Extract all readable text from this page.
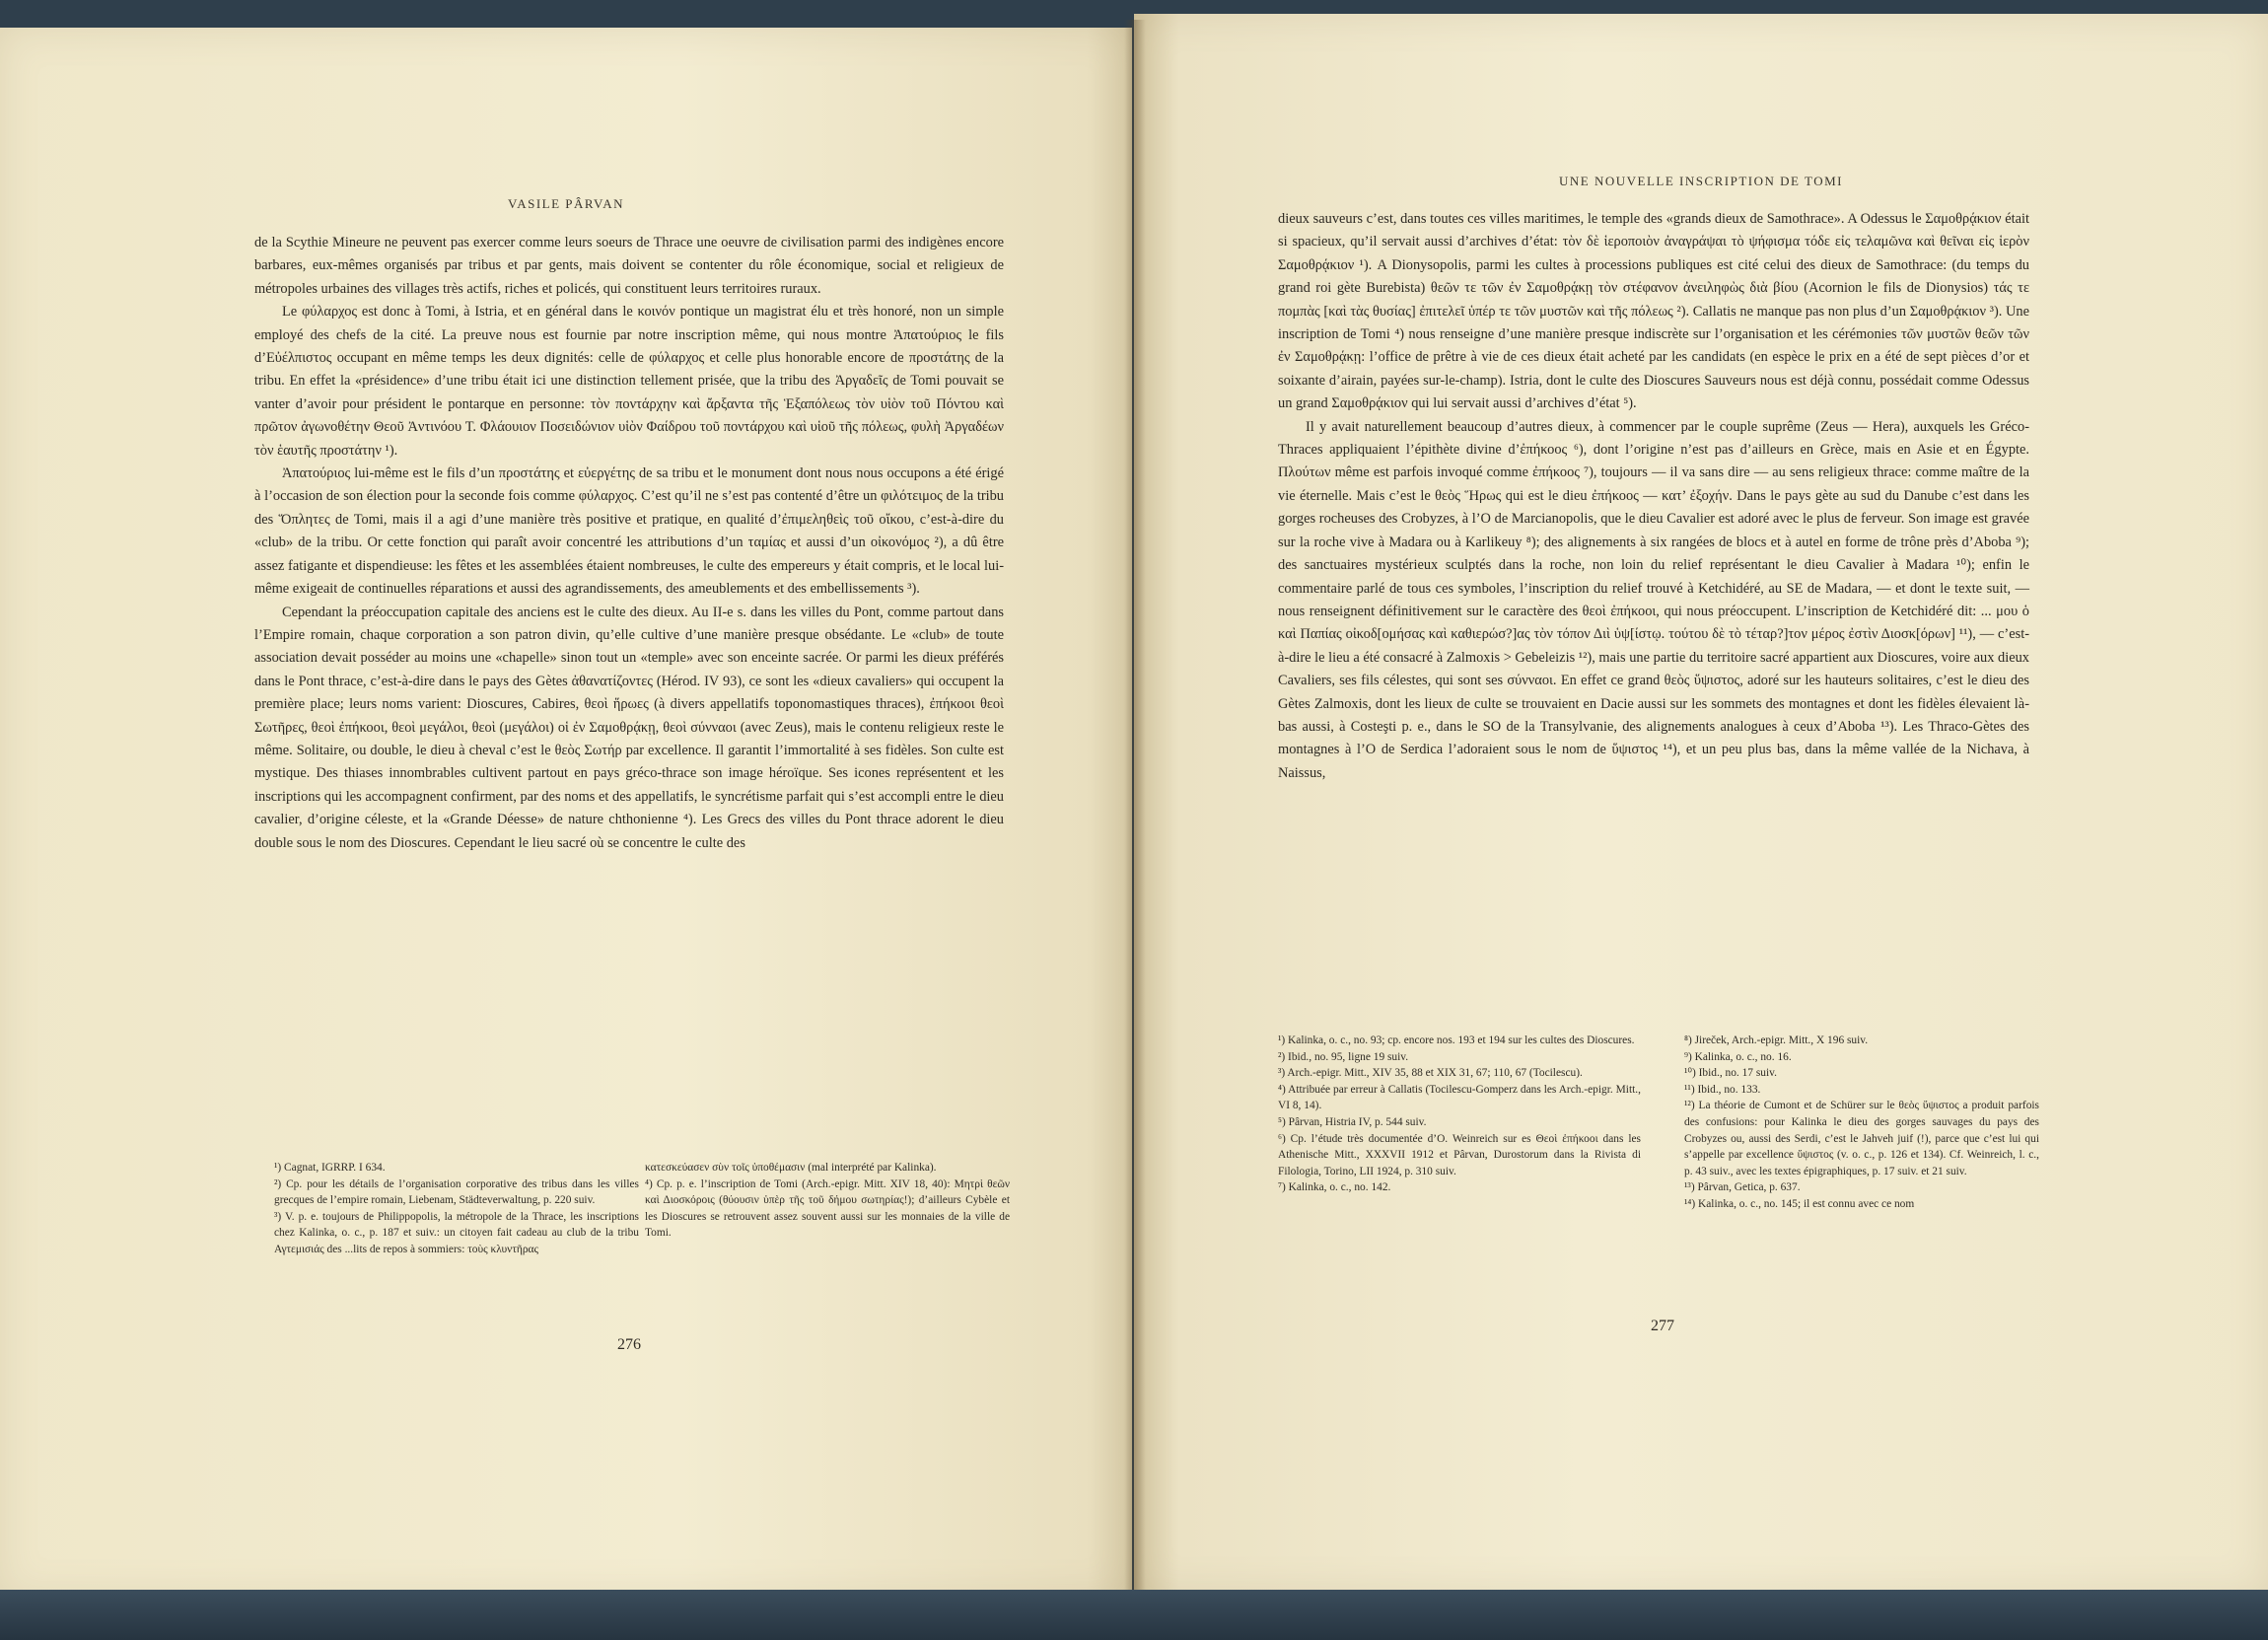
VASILE PÂRVAN

de la Scythie Mineure ne peuvent pas exercer comme leurs soeurs de Thrace une oeuvre de civilisation parmi des indigènes encore barbares, eux-mêmes organisés par tribus et par gents, mais doivent se contenter du rôle économique, social et religieux de métropoles urbaines des villages très actifs, riches et policés, qui constituent leurs territoires ruraux.

Le φύλαρχος est donc à Tomi, à Istria, et en général dans le κοινόν pontique un magistrat élu et très honoré, non un simple employé des chefs de la cité. La preuve nous est fournie par notre inscription même, qui nous montre Ἀπατούριος le fils d’Εὐέλπιστος occupant en même temps les deux dignités: celle de φύλαρχος et celle plus honorable encore de προστάτης de la tribu. En effet la «présidence» d’une tribu était ici une distinction tellement prisée, que la tribu des Ἀργαδεῖς de Tomi pouvait se vanter d’avoir pour président le pontarque en personne: τὸν ποντάρχην καὶ ἄρξαντα τῆς Ἑξαπόλεως τὸν υἱὸν τοῦ Πόντου καὶ πρῶτον ἀγωνοθέτην Θεοῦ Ἀντινόου Τ. Φλάουιον Ποσειδώνιον υἱὸν Φαίδρου τοῦ ποντάρχου καὶ υἱοῦ τῆς πόλεως, φυλὴ Ἀργαδέων τὸν ἑαυτῆς προστάτην ¹).

Ἀπατούριος lui-même est le fils d’un προστάτης et εὐεργέτης de sa tribu et le monument dont nous nous occupons a été érigé à l’occasion de son élection pour la seconde fois comme φύλαρχος. C’est qu’il ne s’est pas contenté d’être un φιλότειμος de la tribu des Ὅπλητες de Tomi, mais il a agi d’une manière très positive et pratique, en qualité d’ἐπιμεληθεὶς τοῦ οἴκου, c’est-à-dire du «club» de la tribu. Or cette fonction qui paraît avoir concentré les attributions d’un ταμίας et aussi d’un οἰκονόμος ²), a dû être assez fatigante et dispendieuse: les fêtes et les assemblées étaient nombreuses, le culte des empereurs y était compris, et le local lui-même exigeait de continuelles réparations et aussi des agrandissements, des ameublements et des embellissements ³).

Cependant la préoccupation capitale des anciens est le culte des dieux. Au II-e s. dans les villes du Pont, comme partout dans l’Empire romain, chaque corporation a son patron divin, qu’elle cultive d’une manière presque obsédante. Le «club» de toute association devait posséder au moins une «chapelle» sinon tout un «temple» avec son enceinte sacrée. Or parmi les dieux préférés dans le Pont thrace, c’est-à-dire dans le pays des Gètes ἀθανατίζοντες (Hérod. IV 93), ce sont les «dieux cavaliers» qui occupent la première place; leurs noms varient: Dioscures, Cabires, θεοὶ ἥρωες (à divers appellatifs toponomastiques thraces), ἐπήκοοι θεοὶ Σωτῆρες, θεοὶ ἐπήκοοι, θεοὶ μεγάλοι, θεοὶ (μεγάλοι) οἱ ἐν Σαμοθρᾴκῃ, θεοὶ σύνναοι (avec Zeus), mais le contenu religieux reste le même. Solitaire, ou double, le dieu à cheval c’est le θεὸς Σωτήρ par excellence. Il garantit l’immortalité à ses fidèles. Son culte est mystique. Des thiases innombrables cultivent partout en pays gréco-thrace son image héroïque. Ses icones représentent et les inscriptions qui les accompagnent confirment, par des noms et des appellatifs, le syncrétisme parfait qui s’est accompli entre le dieu cavalier, d’origine céleste, et la «Grande Déesse» de nature chthonienne ⁴). Les Grecs des villes du Pont thrace adorent le dieu double sous le nom des Dioscures. Cependant le lieu sacré où se concentre le culte des

¹) Cagnat, IGRRP. I 634.

²) Cp. pour les détails de l’organisation corporative des tribus dans les villes grecques de l’empire romain, Liebenam, Städteverwaltung, p. 220 suiv.

³) V. p. e. toujours de Philippopolis, la métropole de la Thrace, les inscriptions chez Kalinka, o. c., p. 187 et suiv.: un citoyen fait cadeau au club de la tribu Αγτεμισιάς des ...lits de repos à sommiers: τοὺς κλυντῆρας

κατεσκεύασεν σὺν τοῖς ὑποθέμασιν (mal interprété par Kalinka).

⁴) Cp. p. e. l’inscription de Tomi (Arch.-epigr. Mitt. XIV 18, 40): Μητρὶ θεῶν καὶ Διοσκόροις (θύουσιν ὑπὲρ τῆς τοῦ δήμου σωτηρίας!); d’ailleurs Cybèle et les Dioscures se retrouvent assez souvent aussi sur les monnaies de la ville de Tomi.

276
UNE NOUVELLE INSCRIPTION DE TOMI

dieux sauveurs c’est, dans toutes ces villes maritimes, le temple des «grands dieux de Samothrace». A Odessus le Σαμοθρᾴκιον était si spacieux, qu’il servait aussi d’archives d’état: τὸν δὲ ἱεροποιὸν ἀναγράψαι τὸ ψήφισμα τόδε εἰς τελαμῶνα καὶ θεῖναι εἰς ἱερὸν Σαμοθρᾴκιον ¹). A Dionysopolis, parmi les cultes à processions publiques est cité celui des dieux de Samothrace: (du temps du grand roi gète Burebista) θεῶν τε τῶν ἐν Σαμοθρᾴκῃ τὸν στέφανον ἀνειληφὼς διὰ βίου (Acornion le fils de Dionysios) τάς τε πομπὰς [καὶ τὰς θυσίας] ἐπιτελεῖ ὑπέρ τε τῶν μυστῶν καὶ τῆς πόλεως ²). Callatis ne manque pas non plus d’un Σαμοθρᾴκιον ³). Une inscription de Tomi ⁴) nous renseigne d’une manière presque indiscrète sur l’organisation et les cérémonies τῶν μυστῶν θεῶν τῶν ἐν Σαμοθρᾴκῃ: l’office de prêtre à vie de ces dieux était acheté par les candidats (en espèce le prix en a été de sept pièces d’or et soixante d’airain, payées sur-le-champ). Istria, dont le culte des Dioscures Sauveurs nous est déjà connu, possédait comme Odessus un grand Σαμοθρᾴκιον qui lui servait aussi d’archives d’état ⁵).

Il y avait naturellement beaucoup d’autres dieux, à commencer par le couple suprême (Zeus — Hera), auxquels les Gréco-Thraces appliquaient l’épithète divine d’ἐπήκοος ⁶), dont l’origine n’est pas d’ailleurs en Grèce, mais en Asie et en Égypte. Πλούτων même est parfois invoqué comme ἐπήκοος ⁷), toujours — il va sans dire — au sens religieux thrace: comme maître de la vie éternelle. Mais c’est le θεὸς Ἥρως qui est le dieu ἐπήκοος — κατ’ ἐξοχήν. Dans le pays gète au sud du Danube c’est dans les gorges rocheuses des Crobyzes, à l’O de Marcianopolis, que le dieu Cavalier est adoré avec le plus de ferveur. Son image est gravée sur la roche vive à Madara ou à Karlikeuy ⁸); des alignements à six rangées de blocs et à autel en forme de trône près d’Aboba ⁹); des sanctuaires mystérieux sculptés dans la roche, non loin du relief représentant le dieu Cavalier à Madara ¹⁰); enfin le commentaire parlé de tous ces symboles, l’inscription du relief trouvé à Ketchidéré, au SE de Madara, — et dont le texte suit, — nous renseignent définitivement sur le caractère des θεοὶ ἐπήκοοι, qui nous préoccupent. L’inscription de Ketchidéré dit: ... μου ὁ καὶ Παπίας οἰκοδ[ομήσας καὶ καθιερώσ?]ας τὸν τόπον Διὶ ὑψ[ίστῳ. τούτου δὲ τὸ τέταρ?]τον μέρος ἐστὶν Διοσκ[όρων] ¹¹), — c’est-à-dire le lieu a été consacré à Zalmoxis > Gebeleizis ¹²), mais une partie du territoire sacré appartient aux Dioscures, voire aux dieux Cavaliers, ses fils célestes, qui sont ses σύνναοι. En effet ce grand θεὸς ὕψιστος, adoré sur les hauteurs solitaires, c’est le dieu des Gètes Zalmoxis, dont les lieux de culte se trouvaient en Dacie aussi sur les sommets des montagnes et dont les fidèles élevaient là-bas aussi, à Costeşti p. e., dans le SO de la Transylvanie, des alignements analogues à ceux d’Aboba ¹³). Les Thraco-Gètes des montagnes à l’O de Serdica l’adoraient sous le nom de ὕψιστος ¹⁴), et un peu plus bas, dans la même vallée de la Nichava, à Naissus,

¹) Kalinka, o. c., no. 93; cp. encore nos. 193 et 194 sur les cultes des Dioscures.

²) Ibid., no. 95, ligne 19 suiv.

³) Arch.-epigr. Mitt., XIV 35, 88 et XIX 31, 67; 110, 67 (Tocilescu).

⁴) Attribuée par erreur à Callatis (Tocilescu-Gomperz dans les Arch.-epigr. Mitt., VI 8, 14).

⁵) Pârvan, Histria IV, p. 544 suiv.

⁶) Cp. l’étude très documentée d’O. Weinreich sur es Θεοὶ ἐπήκοοι dans les Athenische Mitt., XXXVII 1912 et Pârvan, Durostorum dans la Rivista di Filologia, Torino, LII 1924, p. 310 suiv.

⁷) Kalinka, o. c., no. 142.

⁸) Jireček, Arch.-epigr. Mitt., X 196 suiv.

⁹) Kalinka, o. c., no. 16.

¹⁰) Ibid., no. 17 suiv.

¹¹) Ibid., no. 133.

¹²) La théorie de Cumont et de Schürer sur le θεὸς ὕψιστος a produit parfois des confusions: pour Kalinka le dieu des gorges sauvages du pays des Crobyzes ou, aussi des Serdi, c’est le Jahveh juif (!), parce que c’est lui qui s’appelle par excellence ὕψιστος (v. o. c., p. 126 et 134). Cf. Weinreich, l. c., p. 43 suiv., avec les textes épigraphiques, p. 17 suiv. et 21 suiv.

¹³) Pârvan, Getica, p. 637.

¹⁴) Kalinka, o. c., no. 145; il est connu avec ce nom

277
